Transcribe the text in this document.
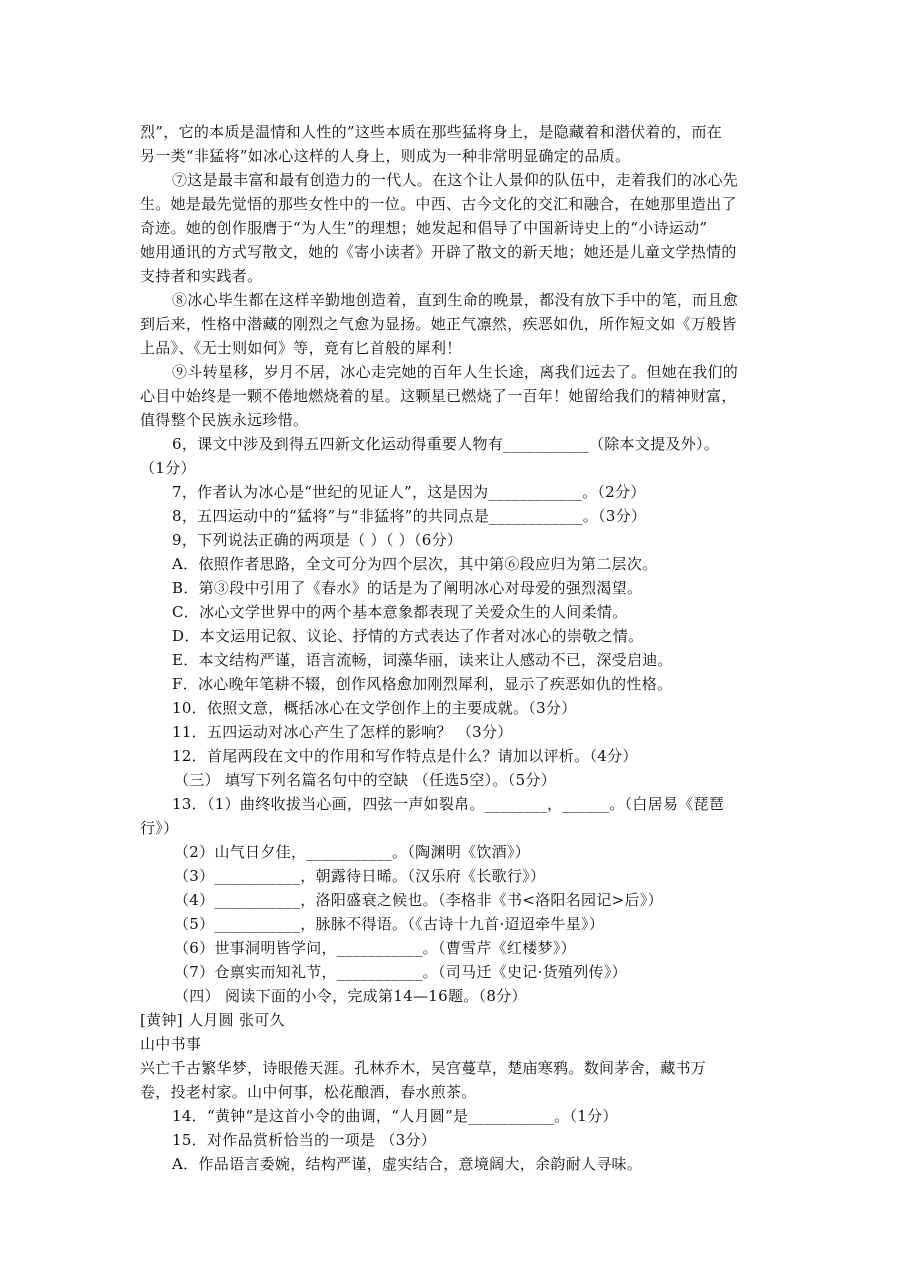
烈”，它的本质是温情和人性的”这些本质在那些猛将身上，是隐藏着和潜伏着的，而在
另一类“非猛将”如冰心这样的人身上，则成为一种非常明显确定的品质。
⑦这是最丰富和最有创造力的一代人。在这个让人景仰的队伍中，走着我们的冰心先
生。她是最先觉悟的那些女性中的一位。中西、古今文化的交汇和融合，在她那里造出了
奇迹。她的创作服膺于“为人生”的理想；她发起和倡导了中国新诗史上的“小诗运动”
她用通讯的方式写散文，她的《寄小读者》开辟了散文的新天地；她还是儿童文学热情的
支持者和实践者。
⑧冰心毕生都在这样辛勤地创造着，直到生命的晚景，都没有放下手中的笔，而且愈
到后来，性格中潜藏的刚烈之气愈为显扬。她正气凛然，疾恶如仇，所作短文如《万般皆
上品》、《无士则如何》等，竟有匕首般的犀利！
⑨斗转星移，岁月不居，冰心走完她的百年人生长途，离我们远去了。但她在我们的
心目中始终是一颗不倦地燃烧着的星。这颗星已燃烧了一百年！她留给我们的精神财富，
值得整个民族永远珍惜。
6，课文中涉及到得五四新文化运动得重要人物有___________（除本文提及外）。
（1分）
7，作者认为冰心是“世纪的见证人”，这是因为____________。（2分）
8，五四运动中的“猛将”与“非猛将”的共同点是____________。（3分）
9，下列说法正确的两项是（ ）（ ）（6分）
A．依照作者思路，全文可分为四个层次，其中第⑥段应归为第二层次。
B．第③段中引用了《春水》的话是为了阐明冰心对母爱的强烈渴望。
C．冰心文学世界中的两个基本意象都表现了关爱众生的人间柔情。
D．本文运用记叙、议论、抒情的方式表达了作者对冰心的崇敬之情。
E．本文结构严谨，语言流畅，词藻华丽，读来让人感动不已，深受启迪。
F．冰心晚年笔耕不辍，创作风格愈加刚烈犀利，显示了疾恶如仇的性格。
10．依照文意，概括冰心在文学创作上的主要成就。（3分）
11．五四运动对冰心产生了怎样的影响？ （3分）
12．首尾两段在文中的作用和写作特点是什么？请加以评析。（4分）
（三） 填写下列名篇名句中的空缺 （任选5空）。（5分）
13．（1）曲终收拔当心画，四弦一声如裂帛。________，______。（白居易《琵琶
行》）
（2）山气日夕佳，___________。（陶渊明《饮酒》）
（3）___________，朝露待日晞。（汉乐府《长歌行》）
（4）___________，洛阳盛衰之候也。（李格非《书<洛阳名园记>后》）
（5）___________，脉脉不得语。（《古诗十九首·迢迢牵牛星》）
（6）世事洞明皆学问，___________。（曹雪芹《红楼梦》）
（7）仓禀实而知礼节，___________。（司马迁《史记·货殖列传》）
（四） 阅读下面的小令，完成第14—16题。（8分）
[黄钟] 人月圆 张可久
山中书事
兴亡千古繁华梦，诗眼倦天涯。孔林乔木，吴宫蔓草，楚庙寒鸦。数间茅舍，藏书万
卷，投老村家。山中何事，松花酿酒，春水煎茶。
14．“黄钟“是这首小令的曲调，“人月圆”是___________。（1分）
15．对作品赏析恰当的一项是 （3分）
A．作品语言委婉，结构严谨，虚实结合，意境阔大，余韵耐人寻味。
